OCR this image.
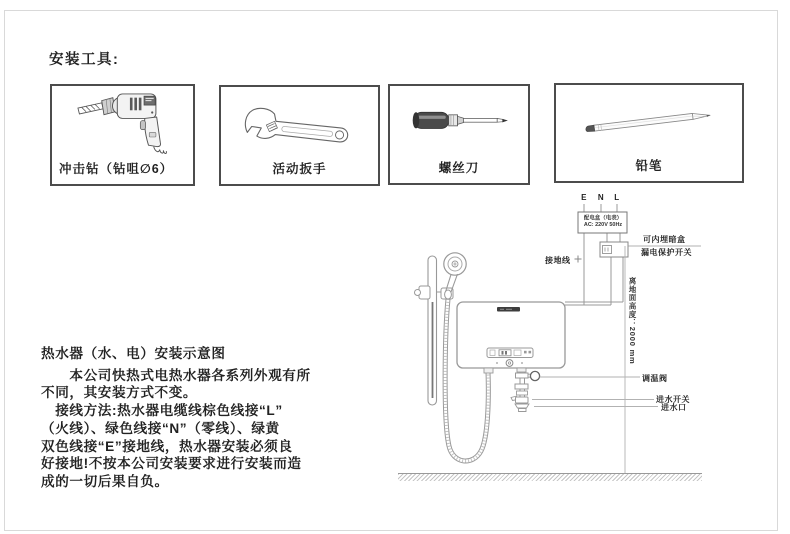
安装工具:
冲击钻（钻咀∅6）	活动扳手	螺丝刀	铅笔
热水器（水、电）安装示意图
　　本公司快热式电热水器各系列外观有所
不同，其安装方式不变。
　接线方法:热水器电缆线棕色线接“L”
（火线）、绿色线接“N”（零线）、绿黄
双色线接“E”接地线，热水器安装必须良
好接地!不按本公司安装要求进行安装而造
成的一切后果自负。
E N L
配电盒（电表）
AC: 220V 50Hz
接地线
可内埋暗盒
漏电保护开关
离地面高度：2000 mm
调温阀
进水开关
进水口
